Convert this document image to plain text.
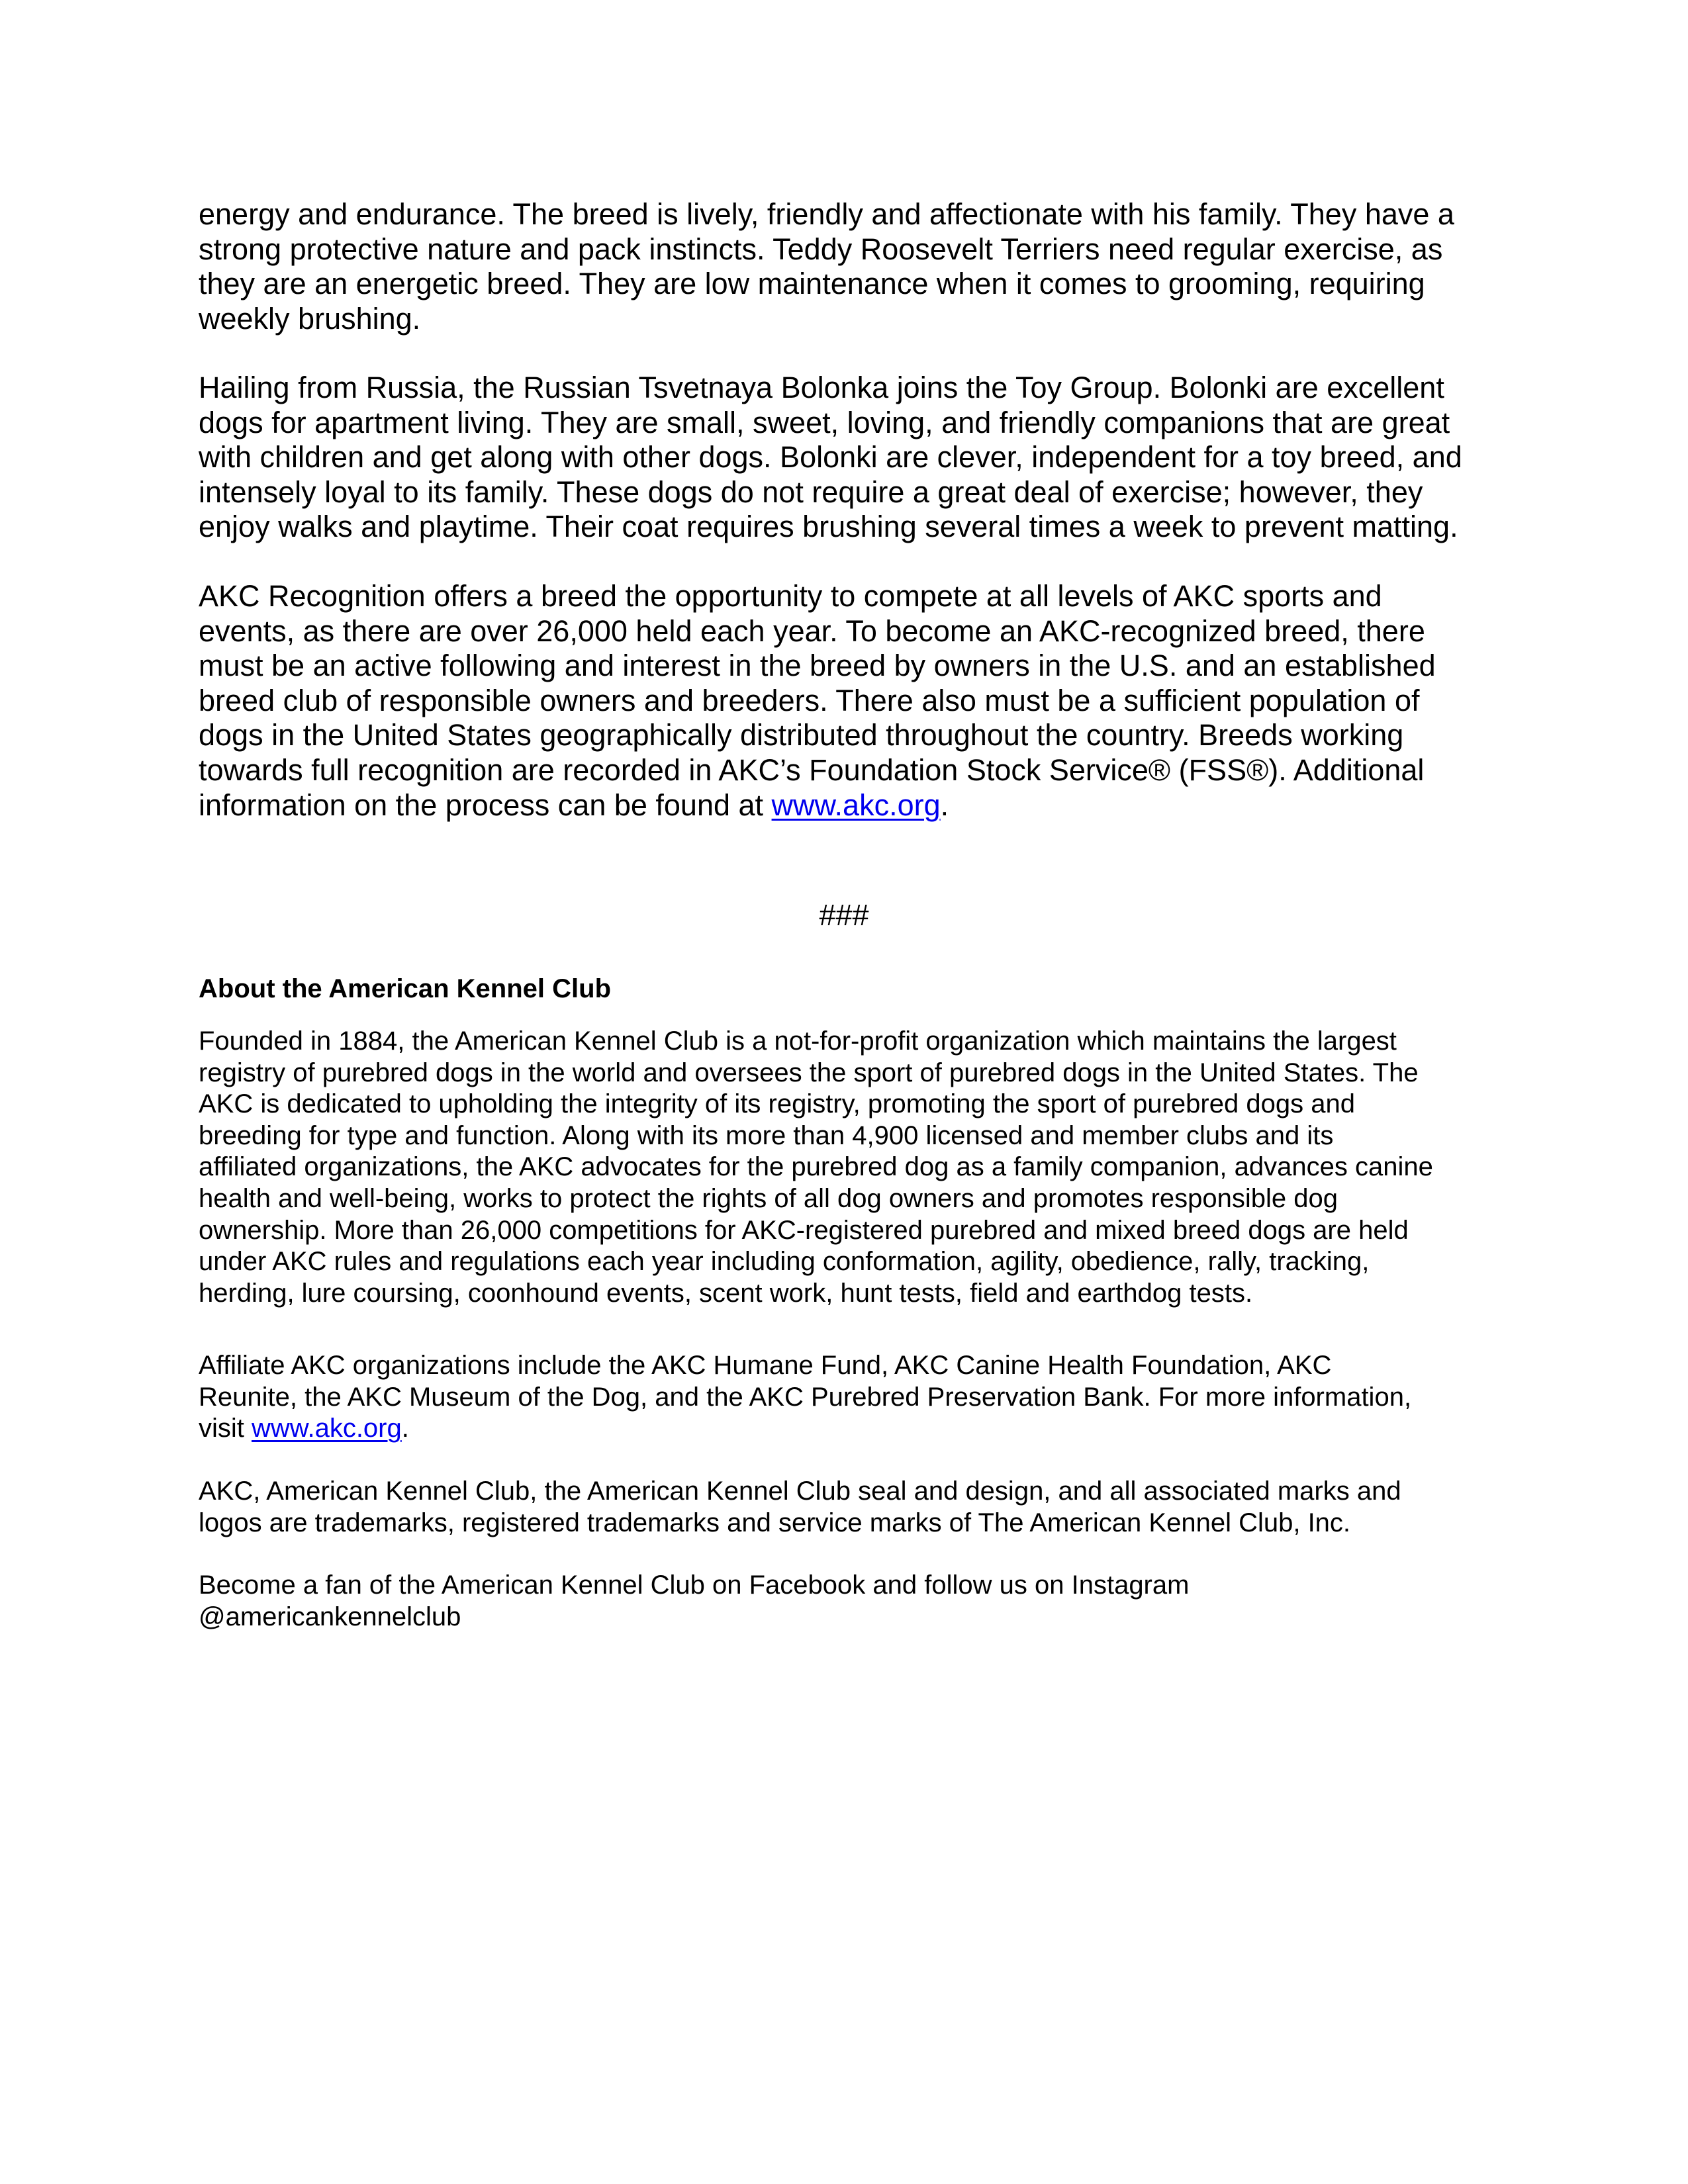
energy and endurance. The breed is lively, friendly and affectionate with his family. They have a
strong protective nature and pack instincts. Teddy Roosevelt Terriers need regular exercise, as
they are an energetic breed. They are low maintenance when it comes to grooming, requiring
weekly brushing.
Hailing from Russia, the Russian Tsvetnaya Bolonka joins the Toy Group. Bolonki are excellent
dogs for apartment living. They are small, sweet, loving, and friendly companions that are great
with children and get along with other dogs. Bolonki are clever, independent for a toy breed, and
intensely loyal to its family. These dogs do not require a great deal of exercise; however, they
enjoy walks and playtime. Their coat requires brushing several times a week to prevent matting.
AKC Recognition offers a breed the opportunity to compete at all levels of AKC sports and
events, as there are over 26,000 held each year. To become an AKC-recognized breed, there
must be an active following and interest in the breed by owners in the U.S. and an established
breed club of responsible owners and breeders. There also must be a sufficient population of
dogs in the United States geographically distributed throughout the country. Breeds working
towards full recognition are recorded in AKC’s Foundation Stock Service® (FSS®). Additional
information on the process can be found at www.akc.org.
###
About the American Kennel Club
Founded in 1884, the American Kennel Club is a not-for-profit organization which maintains the largest
registry of purebred dogs in the world and oversees the sport of purebred dogs in the United States. The
AKC is dedicated to upholding the integrity of its registry, promoting the sport of purebred dogs and
breeding for type and function. Along with its more than 4,900 licensed and member clubs and its
affiliated organizations, the AKC advocates for the purebred dog as a family companion, advances canine
health and well-being, works to protect the rights of all dog owners and promotes responsible dog
ownership. More than 26,000 competitions for AKC-registered purebred and mixed breed dogs are held
under AKC rules and regulations each year including conformation, agility, obedience, rally, tracking,
herding, lure coursing, coonhound events, scent work, hunt tests, field and earthdog tests.
Affiliate AKC organizations include the AKC Humane Fund, AKC Canine Health Foundation, AKC
Reunite, the AKC Museum of the Dog, and the AKC Purebred Preservation Bank. For more information,
visit www.akc.org.
AKC, American Kennel Club, the American Kennel Club seal and design, and all associated marks and
logos are trademarks, registered trademarks and service marks of The American Kennel Club, Inc.
Become a fan of the American Kennel Club on Facebook and follow us on Instagram
@americankennelclub
